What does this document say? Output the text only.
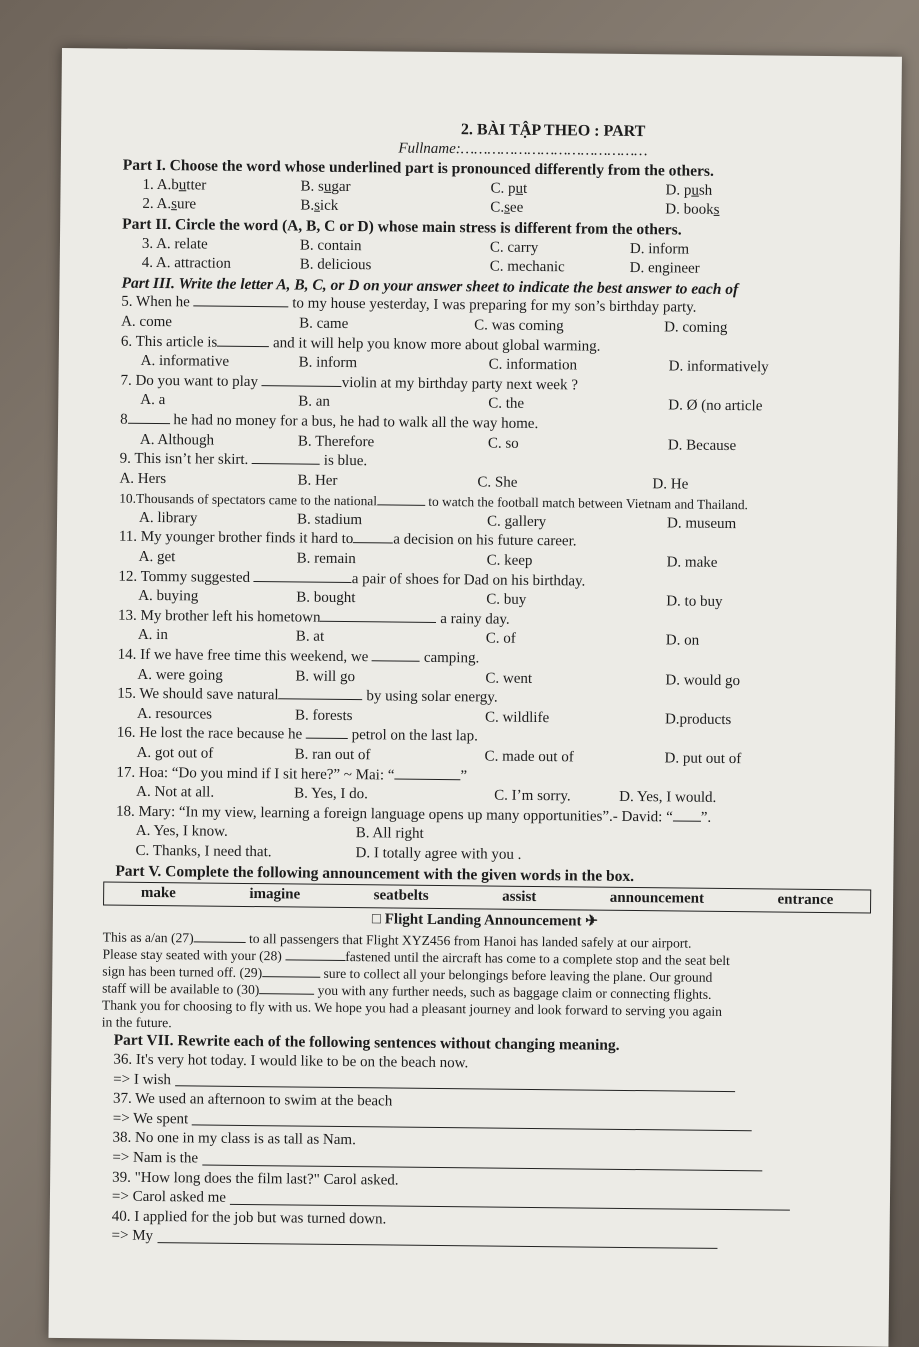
2. BÀI TẬP THEO : PART
Fullname:……………………………………
Part I. Choose the word whose underlined part is pronounced differently from the others.
1. A.butter	B. sugar	C. put	D. push
2. A.sure	B.sick	C.see	D. books
Part II. Circle the word (A, B, C or D) whose main stress is different from the others.
3. A. relate	B. contain	C. carry	D. inform
4. A. attraction	B. delicious	C. mechanic	D. engineer
Part III. Write the letter A, B, C, or D on your answer sheet to indicate the best answer to each of
5. When he	to my house yesterday, I was preparing for my son’s birthday party.
A. come	B. came	C. was coming	D. coming
6. This article is	and it will help you know more about global warming.
A. informative	B. inform	C. information	D. informatively
7. Do you want to play	violin at my birthday party next week ?
A. a	B. an	C. the	D. Ø (no article
8	he had no money for a bus, he had to walk all the way home.
A. Although	B. Therefore	C. so	D. Because
9. This isn’t her skirt.	is blue.
A. Hers	B. Her	C. She	D. He
10.Thousands of spectators came to the national	to watch the football match between Vietnam and Thailand.
A. library	B. stadium	C. gallery	D. museum
11. My younger brother finds it hard to	a decision on his future career.
A. get	B. remain	C. keep	D. make
12. Tommy suggested	a pair of shoes for Dad on his birthday.
A. buying	B. bought	C. buy	D. to buy
13. My brother left his hometown	a rainy day.
A. in	B. at	C. of	D. on
14. If we have free time this weekend, we	camping.
A. were going	B. will go	C. went	D. would go
15. We should save natural	by using solar energy.
A. resources	B. forests	C. wildlife	D.products
16. He lost the race because he	petrol on the last lap.
A. got out of	B. ran out of	C. made out of	D. put out of
17. Hoa: “Do you mind if I sit here?” ~ Mai: “	”
A. Not at all.	B. Yes, I do.	C. I’m sorry.	D. Yes, I would.
18. Mary: “In my view, learning a foreign language opens up many opportunities”.- David: “ ”.
A. Yes, I know.	B. All right
C. Thanks, I need that.	D. I totally agree with you .
Part V. Complete the following announcement with the given words in the box.
make	imagine	seatbelts	assist	announcement	entrance
□ Flight Landing Announcement ✈
This as a/an (27)	to all passengers that Flight XYZ456 from Hanoi has landed safely at our airport.
Please stay seated with your (28)	fastened until the aircraft has come to a complete stop and the seat belt
sign has been turned off. (29)	sure to collect all your belongings before leaving the plane. Our ground
staff will be available to (30)	you with any further needs, such as baggage claim or connecting flights.
Thank you for choosing to fly with us. We hope you had a pleasant journey and look forward to serving you again
in the future.
Part VII. Rewrite each of the following sentences without changing meaning.
36. It's very hot today. I would like to be on the beach now.
=> I wish
37. We used an afternoon to swim at the beach
=> We spent
38. No one in my class is as tall as Nam.
=> Nam is the
39. "How long does the film last?" Carol asked.
=> Carol asked me
40. I applied for the job but was turned down.
=> My
